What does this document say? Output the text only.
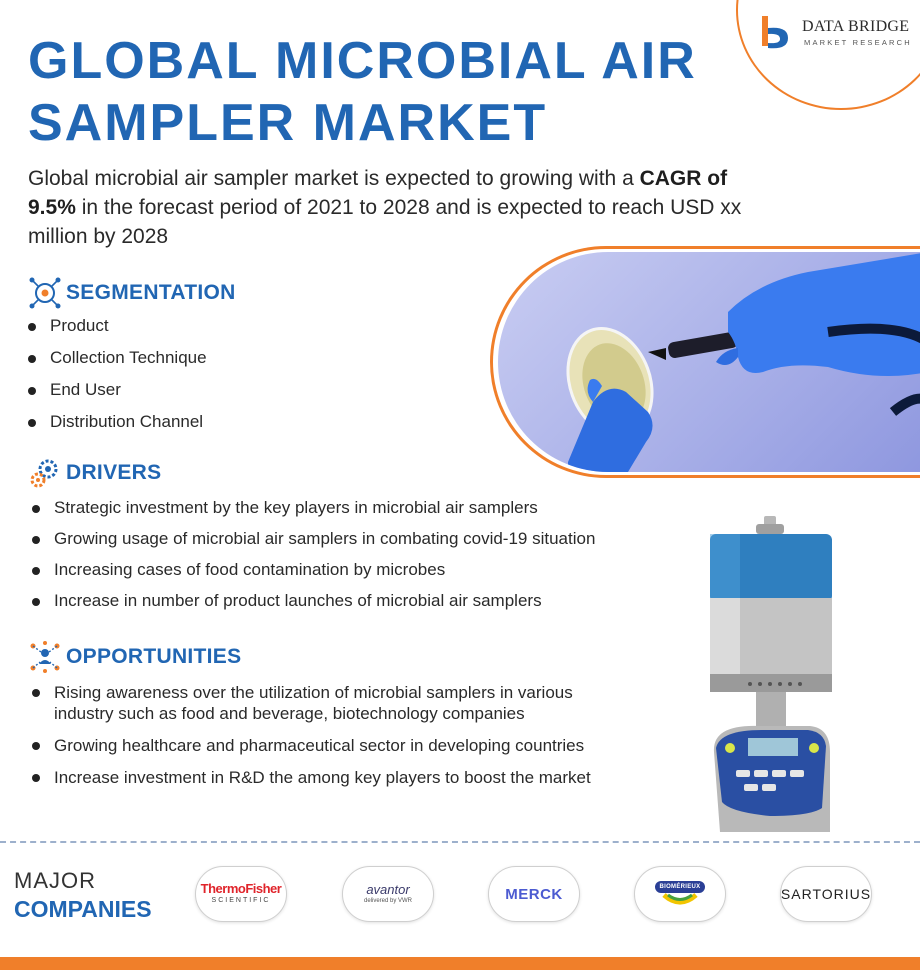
DATA BRIDGE
MARKET RESEARCH
GLOBAL MICROBIAL AIR SAMPLER MARKET

Global microbial air sampler market is expected to growing with a CAGR of 9.5% in the forecast period of 2021 to 2028 and is expected to reach USD xx million by 2028

SEGMENTATION
Product
Collection Technique
End User
Distribution Channel
DRIVERS
Strategic investment by the key players in microbial air samplers
Growing usage of microbial air samplers in combating covid-19 situation
Increasing cases of food contamination by microbes
Increase in number of product launches of microbial air samplers
OPPORTUNITIES
Rising awareness over the utilization of microbial samplers in various industry such as food and beverage, biotechnology companies
Growing healthcare and pharmaceutical sector in developing countries
Increase investment in R&D the among key players to boost the market
MAJOR
COMPANIES
ThermoFisher
SCIENTIFIC
avantor
delivered by VWR	MERCK	BIOMÉRIEUX	SARTORIUS
